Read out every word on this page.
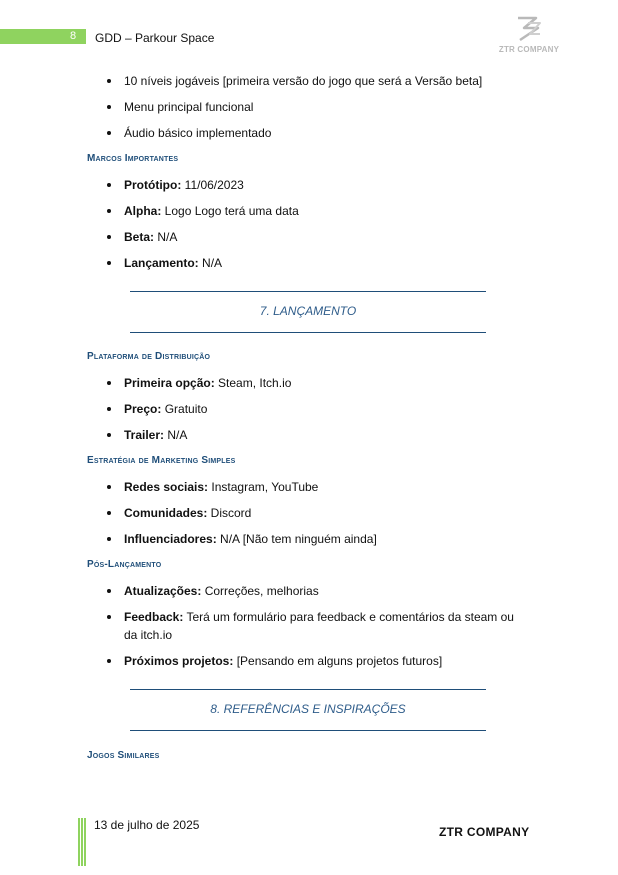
8 GDD – Parkour Space
ZTR COMPANY
10 níveis jogáveis [primeira versão do jogo que será a Versão beta]
Menu principal funcional
Áudio básico implementado
Marcos Importantes
Protótipo: 11/06/2023
Alpha: Logo Logo terá uma data
Beta: N/A
Lançamento: N/A
7. LANÇAMENTO
Plataforma de Distribuição
Primeira opção: Steam, Itch.io
Preço: Gratuito
Trailer: N/A
Estratégia de Marketing Simples
Redes sociais: Instagram, YouTube
Comunidades: Discord
Influenciadores: N/A [Não tem ninguém ainda]
Pós-Lançamento
Atualizações: Correções, melhorias
Feedback: Terá um formulário para feedback e comentários da steam ou da itch.io
Próximos projetos: [Pensando em alguns projetos futuros]
8. REFERÊNCIAS E INSPIRAÇÕES
Jogos Similares
13 de julho de 2025	ZTR COMPANY
